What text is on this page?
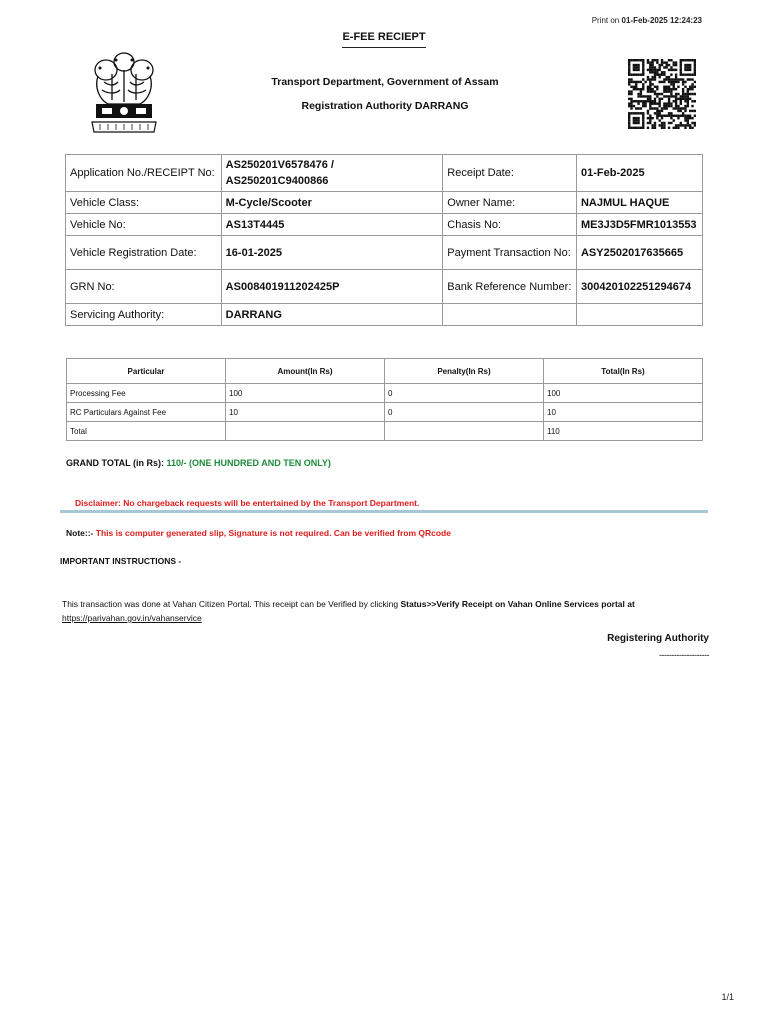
Print on 01-Feb-2025 12:24:23
E-FEE RECIEPT
Transport Department, Government of Assam
Registration Authority DARRANG
Application No./RECEIPT No:	AS250201V6578476 / AS250201C9400866	Receipt Date:	01-Feb-2025
Vehicle Class:	M-Cycle/Scooter	Owner Name:	NAJMUL HAQUE
Vehicle No:	AS13T4445	Chasis No:	ME3J3D5FMR1013553
Vehicle Registration Date:	16-01-2025	Payment Transaction No:	ASY2502017635665
GRN No:	AS008401911202425P	Bank Reference Number:	300420102251294674
Servicing Authority:	DARRANG		
Particular	Amount(In Rs)	Penalty(In Rs)	Total(In Rs)
Processing Fee	100	0	100
RC Particulars Against Fee	10	0	10
Total			110
GRAND TOTAL (in Rs): 110/- (ONE HUNDRED AND TEN ONLY)
Disclaimer: No chargeback requests will be entertained by the Transport Department.
Note::- This is computer generated slip, Signature is not required. Can be verified from QRcode
IMPORTANT INSTRUCTIONS -
This transaction was done at Vahan Citizen Portal. This receipt can be Verified by clicking Status>>Verify Receipt on Vahan Online Services portal at
https://parivahan.gov.in/vahanservice
Registering Authority
--------------------
1/1
